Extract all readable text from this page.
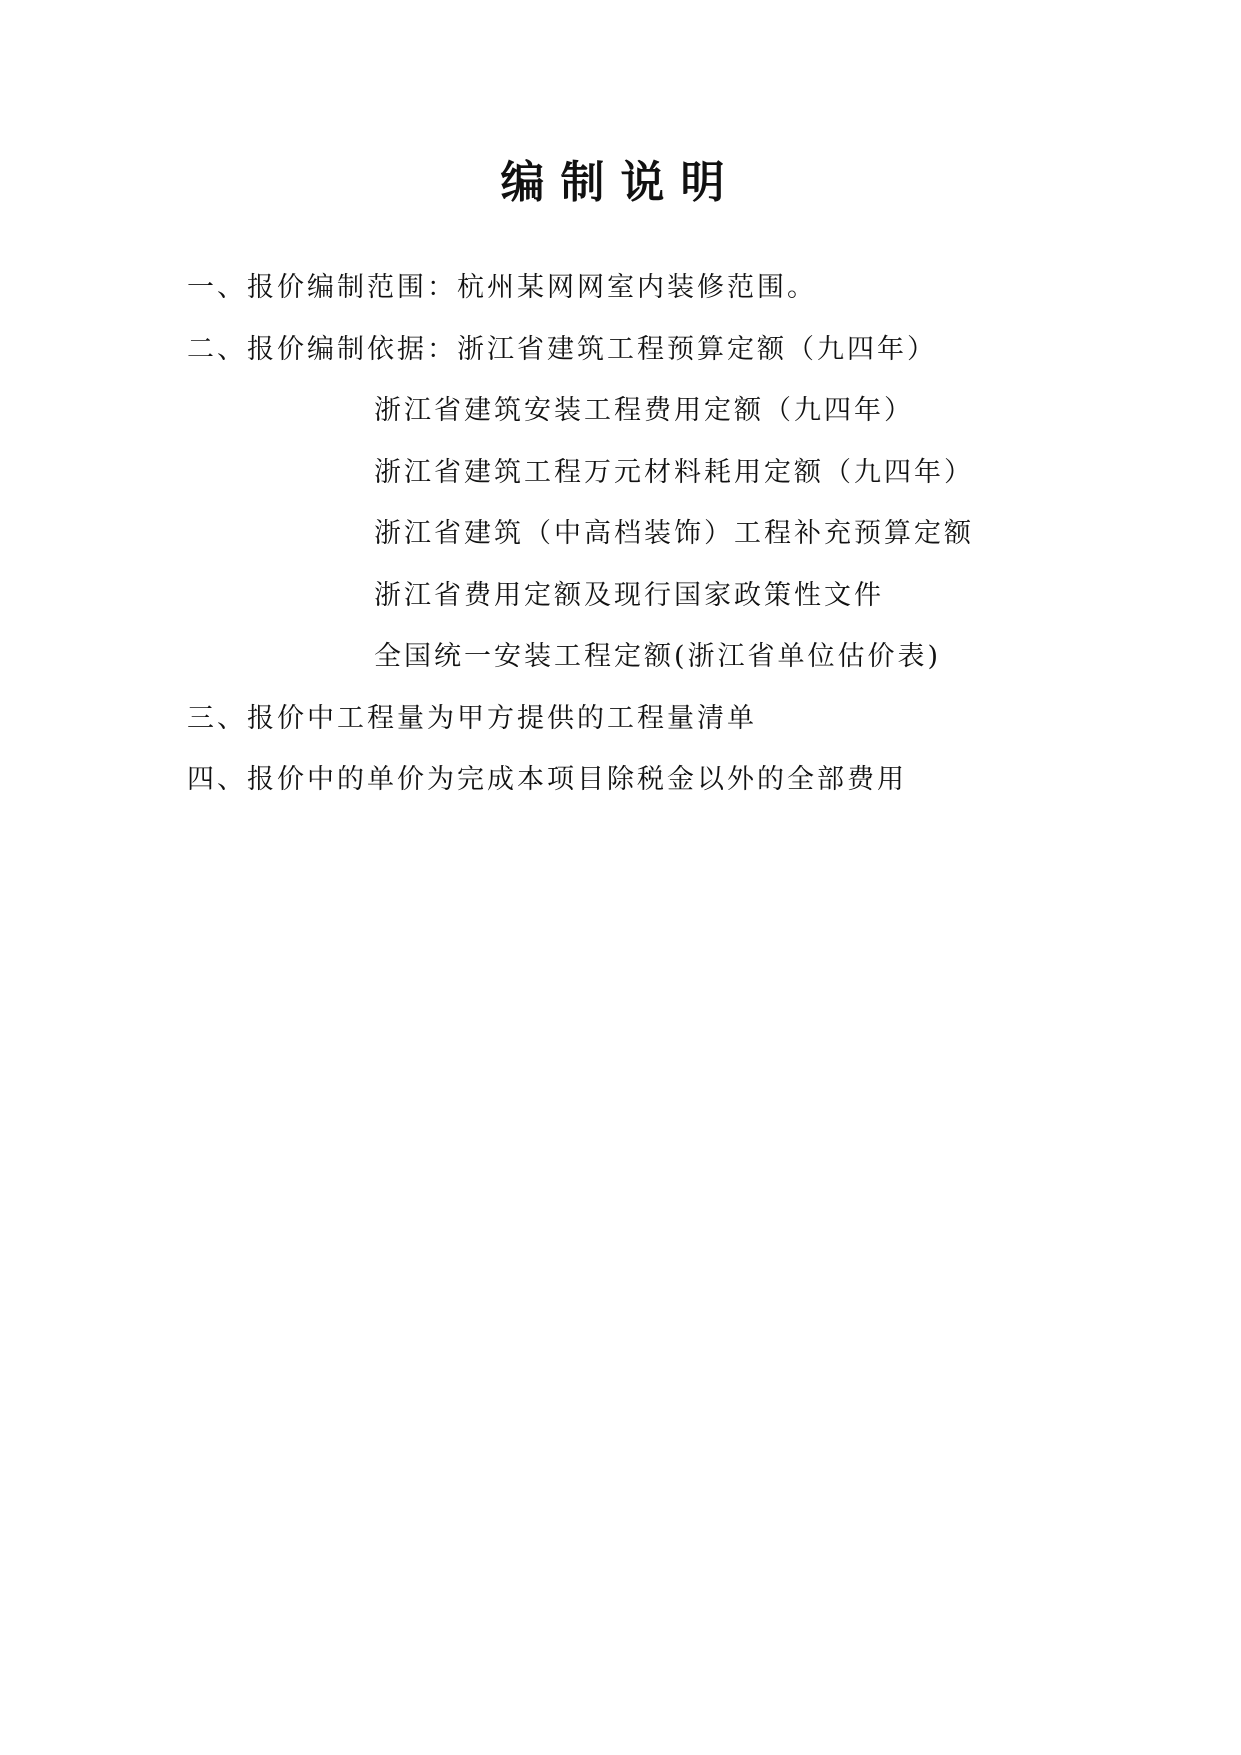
编制说明
一、报价编制范围：杭州某网网室内装修范围。
二、报价编制依据：浙江省建筑工程预算定额（九四年）
浙江省建筑安装工程费用定额（九四年）
浙江省建筑工程万元材料耗用定额（九四年）
浙江省建筑（中高档装饰）工程补充预算定额
浙江省费用定额及现行国家政策性文件
全国统一安装工程定额(浙江省单位估价表)
三、报价中工程量为甲方提供的工程量清单
四、报价中的单价为完成本项目除税金以外的全部费用
